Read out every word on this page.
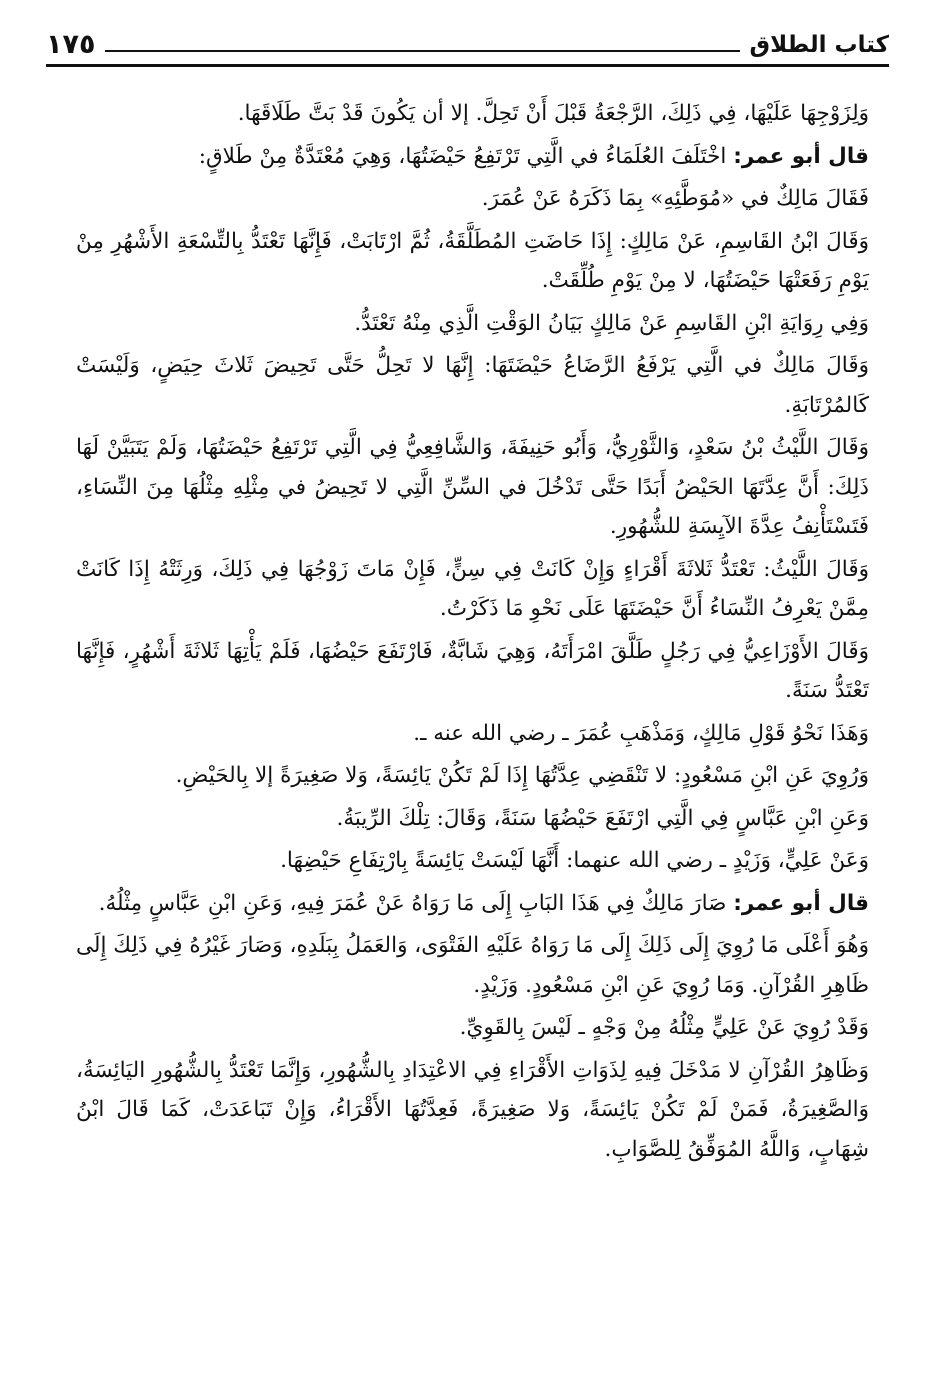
كتاب الطلاق
١٧٥

وَلِزَوْجِهَا عَلَيْهَا، فِي ذَلِكَ، الرَّجْعَةُ قَبْلَ أَنْ تَحِلَّ. إلا أن يَكُونَ قَدْ بَتَّ طَلَاقَهَا.

قال أبو عمر: اخْتَلَفَ العُلَمَاءُ في الَّتِي تَرْتَفِعُ حَيْضَتُهَا، وَهِيَ مُعْتَدَّةٌ مِنْ طَلاقٍ:

فَقَالَ مَالِكٌ في «مُوَطَّئِهِ» بِمَا ذَكَرَهُ عَنْ عُمَرَ.

وَقَالَ ابْنُ القَاسِمِ، عَنْ مَالِكٍ: إِذَا حَاضَتِ المُطَلَّقَةُ، ثُمَّ ارْتَابَتْ، فَإِنَّهَا تَعْتَدُّ بِالتِّسْعَةِ الأَشْهُرِ مِنْ يَوْمِ رَفَعَتْهَا حَيْضَتُهَا، لا مِنْ يَوْمِ طُلِّقَتْ.

وَفِي رِوَايَةِ ابْنِ القَاسِمِ عَنْ مَالِكٍ بَيَانُ الوَقْتِ الَّذِي مِنْهُ تَعْتَدُّ.

وَقَالَ مَالِكٌ في الَّتِي يَرْفَعُ الرَّضَاعُ حَيْضَتَهَا: إِنَّهَا لا تَحِلُّ حَتَّى تَحِيضَ ثَلاثَ حِيَضٍ، وَلَيْسَتْ كَالمُرْتَابَةِ.

وَقَالَ اللَّيْثُ بْنُ سَعْدٍ، وَالثَّوْرِيُّ، وَأَبُو حَنِيفَةَ، وَالشَّافِعِيُّ فِي الَّتِي تَرْتَفِعُ حَيْضَتُهَا، وَلَمْ يَتَبَيَّنْ لَهَا ذَلِكَ: أَنَّ عِدَّتَهَا الحَيْضُ أَبَدًا حَتَّى تَدْخُلَ في السِّنِّ الَّتِي لا تَحِيضُ في مِثْلِهِ مِثْلُهَا مِنَ النِّسَاءِ، فَتَسْتَأْنِفُ عِدَّةَ الآيِسَةِ للشُّهُورِ.

وَقَالَ اللَّيْثُ: تَعْتَدُّ ثَلاثَةَ أَقْرَاءٍ وَإِنْ كَانَتْ فِي سِنٍّ، فَإِنْ مَاتَ زَوْجُهَا فِي ذَلِكَ، وَرِثَتْهُ إِذَا كَانَتْ مِمَّنْ يَعْرِفُ النِّسَاءُ أَنَّ حَيْضَتَهَا عَلَى نَحْوِ مَا ذَكَرْتُ.

وَقَالَ الأَوْزَاعِيُّ فِي رَجُلٍ طَلَّقَ امْرَأَتَهُ، وَهِيَ شَابَّةٌ، فَارْتَفَعَ حَيْضُهَا، فَلَمْ يَأْتِهَا ثَلاثَةَ أَشْهُرٍ، فَإِنَّهَا تَعْتَدُّ سَنَةً.

وَهَذَا نَحْوُ قَوْلِ مَالِكٍ، وَمَذْهَبِ عُمَرَ ـ رضي الله عنه ـ.

وَرُوِيَ عَنِ ابْنِ مَسْعُودٍ: لا تَنْقَضِي عِدَّتُهَا إِذَا لَمْ تَكُنْ يَائِسَةً، وَلا صَغِيرَةً إلا بِالحَيْضِ.

وَعَنِ ابْنِ عَبَّاسٍ فِي الَّتِي ارْتَفَعَ حَيْضُهَا سَنَةً، وَقَالَ: تِلْكَ الرِّيبَةُ.

وَعَنْ عَلِيٍّ، وَزَيْدٍ ـ رضي الله عنهما: أَنَّهَا لَيْسَتْ يَائِسَةً بِارْتِفَاعِ حَيْضِهَا.

قال أبو عمر: صَارَ مَالِكٌ فِي هَذَا البَابِ إِلَى مَا رَوَاهُ عَنْ عُمَرَ فِيهِ، وَعَنِ ابْنِ عَبَّاسٍ مِثْلُهُ.

وَهُوَ أَعْلَى مَا رُوِيَ إِلَى ذَلِكَ إِلَى مَا رَوَاهُ عَلَيْهِ الفَتْوَى، وَالعَمَلُ بِبَلَدِهِ، وَصَارَ غَيْرُهُ فِي ذَلِكَ إِلَى ظَاهِرِ القُرْآنِ. وَمَا رُوِيَ عَنِ ابْنِ مَسْعُودٍ. وَزَيْدٍ.

وَقَدْ رُوِيَ عَنْ عَلِيٍّ مِثْلُهُ مِنْ وَجْهٍ ـ لَيْسَ بِالقَوِيِّ.

وَظَاهِرُ القُرْآنِ لا مَدْخَلَ فِيهِ لِذَوَاتِ الأَقْرَاءِ فِي الاعْتِدَادِ بِالشُّهُورِ، وَإِنَّمَا تَعْتَدُّ بِالشُّهُورِ اليَائِسَةُ، وَالصَّغِيرَةُ، فَمَنْ لَمْ تَكُنْ يَائِسَةً، وَلا صَغِيرَةً، فَعِدَّتُهَا الأَقْرَاءُ، وَإِنْ تَبَاعَدَتْ، كَمَا قَالَ ابْنُ شِهَابٍ، وَاللَّهُ المُوَفِّقُ لِلصَّوَابِ.
